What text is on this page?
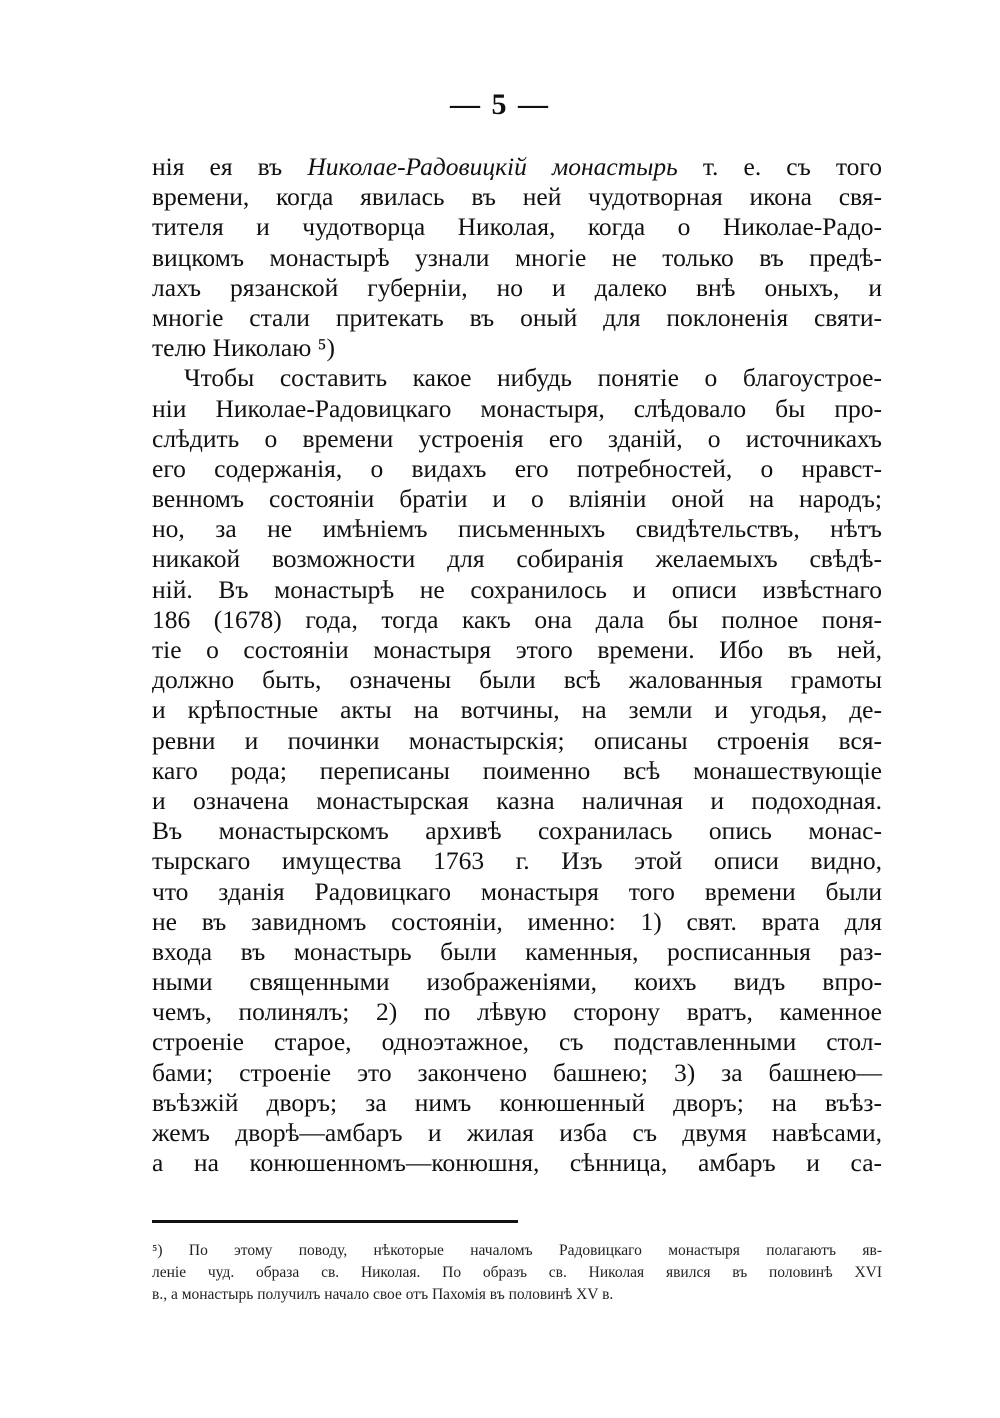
— 5 —
нія ея въ Николае-Радовицкій монастырь т. е. съ того
времени, когда явилась въ ней чудотворная икона свя-
тителя и чудотворца Николая, когда о Николае-Радо-
вицкомъ монастырѣ узнали многіе не только въ предѣ-
лахъ рязанской губерніи, но и далеко внѣ оныхъ, и
многіе стали притекать въ оный для поклоненія святи-
телю Николаю ⁵)
Чтобы составить какое нибудь понятіе о благоустрое-
ніи Николае-Радовицкаго монастыря, слѣдовало бы про-
слѣдить о времени устроенія его зданій, о источникахъ
его содержанія, о видахъ его потребностей, о нравст-
венномъ состояніи братіи и о вліяніи оной на народъ;
но, за не имѣніемъ письменныхъ свидѣтельствъ, нѣтъ
никакой возможности для собиранія желаемыхъ свѣдѣ-
ній. Въ монастырѣ не сохранилось и описи извѣстнаго
186 (1678) года, тогда какъ она дала бы полное поня-
тіе о состояніи монастыря этого времени. Ибо въ ней,
должно быть, означены были всѣ жалованныя грамоты
и крѣпостные акты на вотчины, на земли и угодья, де-
ревни и починки монастырскія; описаны строенія вся-
каго рода; переписаны поименно всѣ монашествующіе
и означена монастырская казна наличная и подоходная.
Въ монастырскомъ архивѣ сохранилась опись монас-
тырскаго имущества 1763 г. Изъ этой описи видно,
что зданія Радовицкаго монастыря того времени были
не въ завидномъ состояніи, именно: 1) свят. врата для
входа въ монастырь были каменныя, росписанныя раз-
ными священными изображеніями, коихъ видъ впро-
чемъ, полинялъ; 2) по лѣвую сторону вратъ, каменное
строеніе старое, одноэтажное, съ подставленными стол-
бами; строеніе это закончено башнею; 3) за башнею—
въѣзжій дворъ; за нимъ конюшенный дворъ; на въѣз-
жемъ дворѣ—амбаръ и жилая изба съ двумя навѣсами,
а на конюшенномъ—конюшня, сѣнница, амбаръ и са-
⁵) По этому поводу, нѣкоторые началомъ Радовицкаго монастыря полагаютъ яв-
леніе чуд. образа св. Николая. По образъ св. Николая явился въ половинѣ XVI
в., а монастырь получилъ начало свое отъ Пахомія въ половинѣ XV в.
